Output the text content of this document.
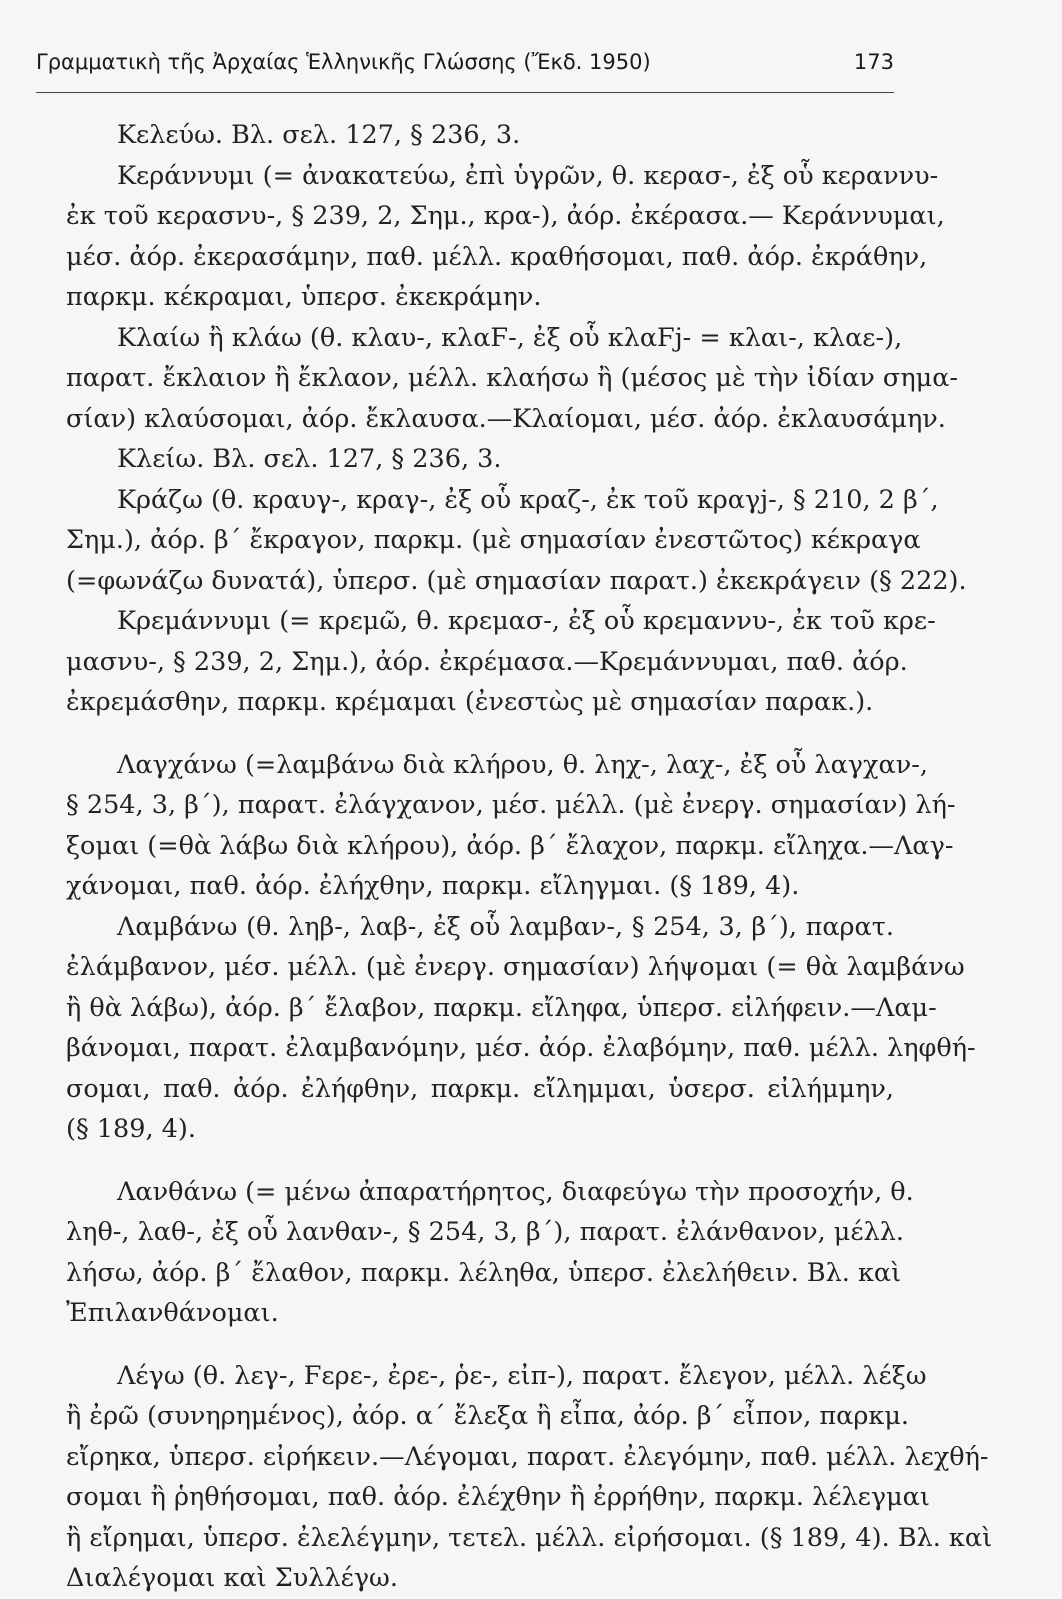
Γραμματικὴ τῆς Ἀρχαίας Ἑλληνικῆς Γλώσσης (Ἔκδ. 1950)	173
Κελεύω. Βλ. σελ. 127, § 236, 3.
Κεράννυμι (= ἀνακατεύω, ἐπὶ ὑγρῶν, θ. κερασ-, ἐξ οὗ κεραννυ-
ἐκ τοῦ κερασνυ-, § 239, 2, Σημ., κρα-), ἀόρ. ἐκέρασα.— Κεράννυμαι,
μέσ. ἀόρ. ἐκερασάμην, παθ. μέλλ. κραθήσομαι, παθ. ἀόρ. ἐκράθην,
παρκμ. κέκραμαι, ὑπερσ. ἐκεκράμην.
Κλαίω ἢ κλάω (θ. κλαυ-, κλαϜ-, ἐξ οὗ κλαϜj- = κλαι-, κλαε-),
παρατ. ἔκλαιον ἢ ἔκλαον, μέλλ. κλαήσω ἢ (μέσος μὲ τὴν ἰδίαν σημα-
σίαν) κλαύσομαι, ἀόρ. ἔκλαυσα.—Κλαίομαι, μέσ. ἀόρ. ἐκλαυσάμην.
Κλείω. Βλ. σελ. 127, § 236, 3.
Κράζω (θ. κραυγ-, κραγ-, ἐξ οὗ κραζ-, ἐκ τοῦ κραγj-, § 210, 2 β΄,
Σημ.), ἀόρ. β΄ ἔκραγον, παρκμ. (μὲ σημασίαν ἐνεστῶτος) κέκραγα
(=φωνάζω δυνατά), ὑπερσ. (μὲ σημασίαν παρατ.) ἐκεκράγειν (§ 222).
Κρεμάννυμι (= κρεμῶ, θ. κρεμασ-, ἐξ οὗ κρεμαννυ-, ἐκ τοῦ κρε-
μασνυ-, § 239, 2, Σημ.), ἀόρ. ἐκρέμασα.—Κρεμάννυμαι, παθ. ἀόρ.
ἐκρεμάσθην, παρκμ. κρέμαμαι (ἐνεστὼς μὲ σημασίαν παρακ.).
Λαγχάνω (=λαμβάνω διὰ κλήρου, θ. ληχ-, λαχ-, ἐξ οὗ λαγχαν-,
§ 254, 3, β΄), παρατ. ἐλάγχανον, μέσ. μέλλ. (μὲ ἐνεργ. σημασίαν) λή-
ξομαι (=θὰ λάβω διὰ κλήρου), ἀόρ. β΄ ἔλαχον, παρκμ. εἴληχα.—Λαγ-
χάνομαι, παθ. ἀόρ. ἐλήχθην, παρκμ. εἴληγμαι. (§ 189, 4).
Λαμβάνω (θ. ληβ-, λαβ-, ἐξ οὗ λαμβαν-, § 254, 3, β΄), παρατ.
ἐλάμβανον, μέσ. μέλλ. (μὲ ἐνεργ. σημασίαν) λήψομαι (= θὰ λαμβάνω
ἢ θὰ λάβω), ἀόρ. β΄ ἔλαβον, παρκμ. εἴληφα, ὑπερσ. εἰλήφειν.—Λαμ-
βάνομαι, παρατ. ἐλαμβανόμην, μέσ. ἀόρ. ἐλαβόμην, παθ. μέλλ. ληφθή-
σομαι, παθ. ἀόρ. ἐλήφθην, παρκμ. εἴλημμαι, ὑσερσ. εἰλήμμην,
(§ 189, 4).
Λανθάνω (= μένω ἀπαρατήρητος, διαφεύγω τὴν προσοχήν, θ.
ληθ-, λαθ-, ἐξ οὗ λανθαν-, § 254, 3, β΄), παρατ. ἐλάνθανον, μέλλ.
λήσω, ἀόρ. β΄ ἔλαθον, παρκμ. λέληθα, ὑπερσ. ἐλελήθειν. Βλ. καὶ
Ἐπιλανθάνομαι.
Λέγω (θ. λεγ-, Ϝερε-, ἐρε-, ῥε-, εἰπ-), παρατ. ἔλεγον, μέλλ. λέξω
ἢ ἐρῶ (συνηρημένος), ἀόρ. α΄ ἔλεξα ἢ εἶπα, ἀόρ. β΄ εἶπον, παρκμ.
εἴρηκα, ὑπερσ. εἰρήκειν.—Λέγομαι, παρατ. ἐλεγόμην, παθ. μέλλ. λεχθή-
σομαι ἢ ῥηθήσομαι, παθ. ἀόρ. ἐλέχθην ἢ ἐρρήθην, παρκμ. λέλεγμαι
ἢ εἴρημαι, ὑπερσ. ἐλελέγμην, τετελ. μέλλ. εἰρήσομαι. (§ 189, 4). Βλ. καὶ
Διαλέγομαι καὶ Συλλέγω.
